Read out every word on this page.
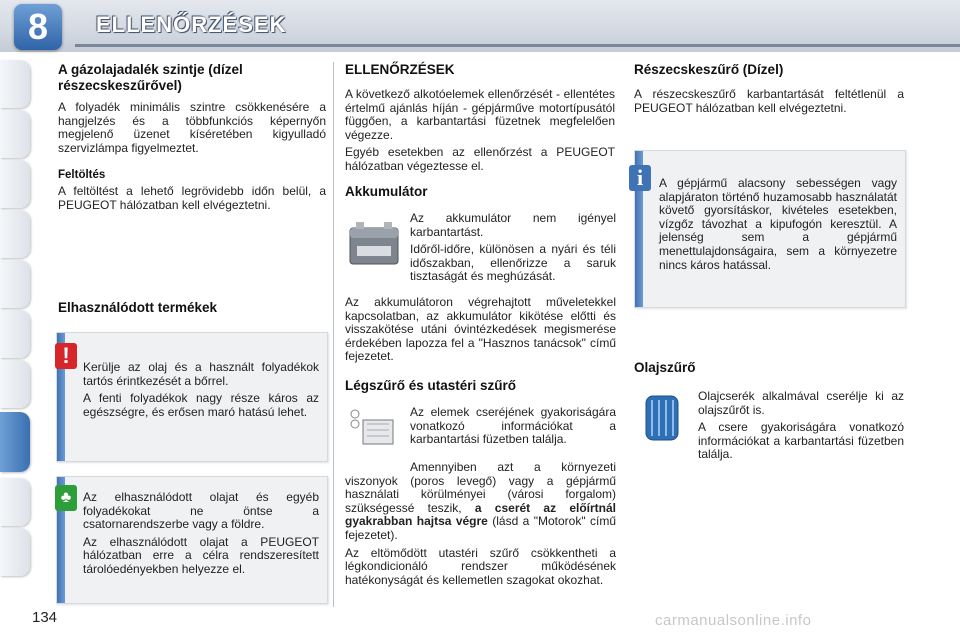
8	ELLENŐRZÉSEK
A gázolajadalék szintje (dízel részecskeszűrővel)

A folyadék minimális szintre csökkenésére a hangjelzés és a többfunkciós képernyőn megjelenő üzenet kíséretében kigyulladó szervizlámpa figyelmeztet.

Feltöltés

A feltöltést a lehető legrövidebb időn belül, a PEUGEOT hálózatban kell elvégeztetni.

Elhasználódott termékek
!	Kerülje az olaj és a használt folyadékok tartós érintkezését a bőrrel.

A fenti folyadékok nagy része káros az egészségre, és erősen maró hatású lehet.

♣ Az elhasználódott olajat és egyéb folyadékokat ne öntse a csatornarendszerbe vagy a földre.

Az elhasználódott olajat a PEUGEOT hálózatban erre a célra rendszeresített tárolóedényekben helyezze el.

ELLENŐRZÉSEK

A következő alkotóelemek ellenőrzését - ellentétes értelmű ajánlás híján - gépjárműve motortípusától függően, a karbantartási füzetnek megfelelően végezze.

Egyéb esetekben az ellenőrzést a PEUGEOT hálózatban végeztesse el.

Akkumulátor

Az akkumulátor nem igényel karbantartást.

Időről-időre, különösen a nyári és téli időszakban, ellenőrizze a saruk tisztaságát és meghúzását.

Az akkumulátoron végrehajtott műveletekkel kapcsolatban, az akkumulátor kikötése előtti és visszakötése utáni óvintézkedések megismerése érdekében lapozza fel a "Hasznos tanácsok" című fejezetet.

Légszűrő és utastéri szűrő

Az elemek cseréjének gyakoriságára vonatkozó információkat a karbantartási füzetben találja.

Amennyiben azt a környezeti viszonyok (poros levegő) vagy a gépjármű használati körülményei (városi forgalom) szükségessé teszik, a cserét az előírtnál gyakrabban hajtsa végre (lásd a "Motorok" című fejezetet).

Az eltömődött utastéri szűrő csökkentheti a légkondicionáló rendszer működésének hatékonyságát és kellemetlen szagokat okozhat.

Részecskeszűrő (Dízel)

A részecskeszűrő karbantartását feltétlenül a PEUGEOT hálózatban kell elvégeztetni.

i	A gépjármű alacsony sebességen vagy alapjáraton történő huzamosabb használatát követő gyorsításkor, kivételes esetekben, vízgőz távozhat a kipufogón keresztül. A jelenség sem a gépjármű menettulajdonságaira, sem a környezetre nincs káros hatással.

Olajszűrő

Olajcserék alkalmával cserélje ki az olajszűrőt is.

A csere gyakoriságára vonatkozó információkat a karbantartási füzetben találja.

134	carmanualsonline.info
